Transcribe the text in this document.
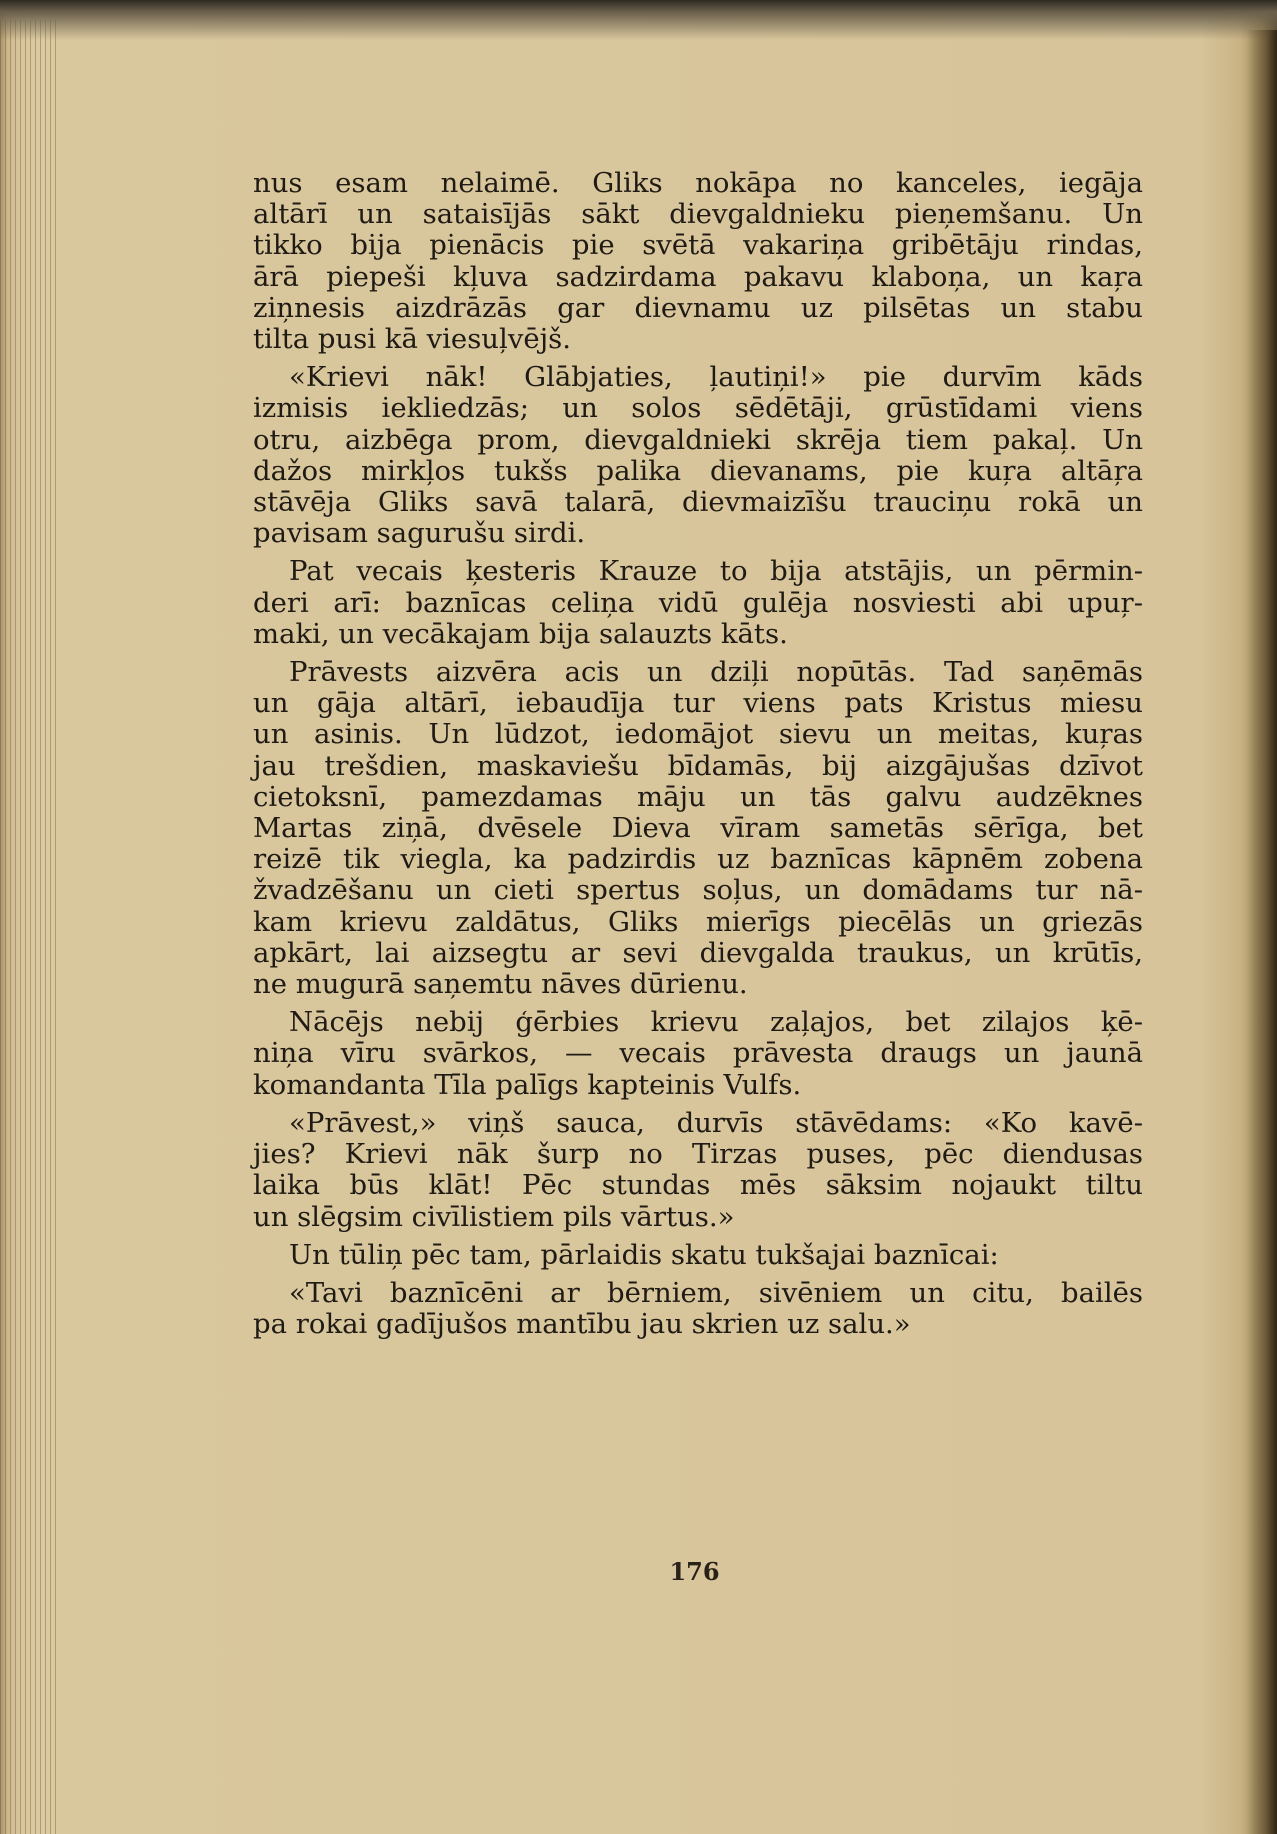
nus esam nelaimē. Gliks nokāpa no kanceles, iegāja
altārī un sataisījās sākt dievgaldnieku pieņemšanu. Un
tikko bija pienācis pie svētā vakariņa gribētāju rindas,
ārā piepeši kļuva sadzirdama pakavu klaboņa, un kaŗa
ziņnesis aizdrāzās gar dievnamu uz pilsētas un stabu
tilta pusi kā viesuļvējš.

«Krievi nāk! Glābjaties, ļautiņi!» pie durvīm kāds
izmisis iekliedzās; un solos sēdētāji, grūstīdami viens
otru, aizbēga prom, dievgaldnieki skrēja tiem pakaļ. Un
dažos mirkļos tukšs palika dievanams, pie kuŗa altāŗa
stāvēja Gliks savā talarā, dievmaizīšu trauciņu rokā un
pavisam sagurušu sirdi.

Pat vecais ķesteris Krauze to bija atstājis, un pērmin-
deri arī: baznīcas celiņa vidū gulēja nosviesti abi upuŗ-
maki, un vecākajam bija salauzts kāts.

Prāvests aizvēra acis un dziļi nopūtās. Tad saņēmās
un gāja altārī, iebaudīja tur viens pats Kristus miesu
un asinis. Un lūdzot, iedomājot sievu un meitas, kuŗas
jau trešdien, maskaviešu bīdamās, bij aizgājušas dzīvot
cietoksnī, pamezdamas māju un tās galvu audzēknes
Martas ziņā, dvēsele Dieva vīram sametās sērīga, bet
reizē tik viegla, ka padzirdis uz baznīcas kāpnēm zobena
žvadzēšanu un cieti spertus soļus, un domādams tur nā-
kam krievu zaldātus, Gliks mierīgs piecēlās un griezās
apkārt, lai aizsegtu ar sevi dievgalda traukus, un krūtīs,
ne mugurā saņemtu nāves dūrienu.

Nācējs nebij ģērbies krievu zaļajos, bet zilajos ķē-
niņa vīru svārkos, — vecais prāvesta draugs un jaunā
komandanta Tīla palīgs kapteinis Vulfs.

«Prāvest,» viņš sauca, durvīs stāvēdams: «Ko kavē-
jies? Krievi nāk šurp no Tirzas puses, pēc diendusas
laika būs klāt! Pēc stundas mēs sāksim nojaukt tiltu
un slēgsim civīlistiem pils vārtus.»

Un tūliņ pēc tam, pārlaidis skatu tukšajai baznīcai:

«Tavi baznīcēni ar bērniem, sivēniem un citu, bailēs
pa rokai gadījušos mantību jau skrien uz salu.»

176
